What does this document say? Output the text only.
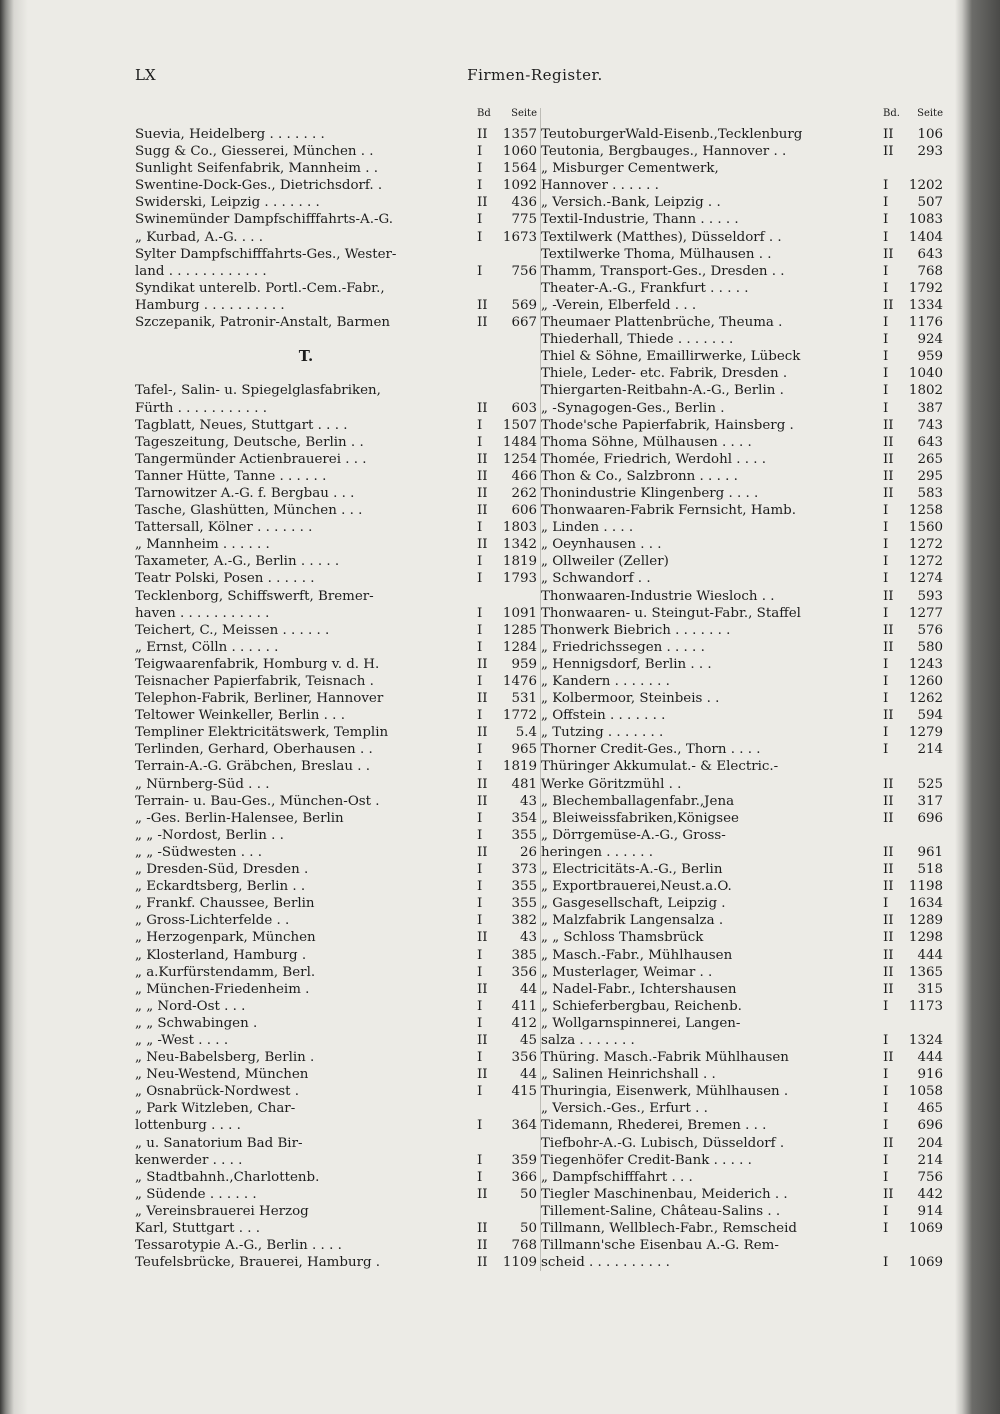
LX	Firmen-Register.
Bd	Seite
Suevia, Heidelberg . . . . . . .	II	1357
Sugg & Co., Giesserei, München . .	I	1060
Sunlight Seifenfabrik, Mannheim . .	I	1564
Swentine-Dock-Ges., Dietrichsdorf. .	I	1092
Swiderski, Leipzig . . . . . . .	II	436
Swinemünder Dampfschifffahrts-A.-G.	I	775
„ Kurbad, A.-G. . . .	I	1673
Sylter Dampfschifffahrts-Ges., Wester-
land . . . . . . . . . . . .	I	756
Syndikat unterelb. Portl.-Cem.-Fabr.,
Hamburg . . . . . . . . . .	II	569
Szczepanik, Patronir-Anstalt, Barmen	II	667
T.
Tafel-, Salin- u. Spiegelglasfabriken,
Fürth . . . . . . . . . . .	II	603
Tagblatt, Neues, Stuttgart . . . .	I	1507
Tageszeitung, Deutsche, Berlin . .	I	1484
Tangermünder Actienbrauerei . . .	II	1254
Tanner Hütte, Tanne . . . . . .	II	466
Tarnowitzer A.-G. f. Bergbau . . .	II	262
Tasche, Glashütten, München . . .	II	606
Tattersall, Kölner . . . . . . .	I	1803
„ Mannheim . . . . . .	II	1342
Taxameter, A.-G., Berlin . . . . .	I	1819
Teatr Polski, Posen . . . . . .	I	1793
Tecklenborg, Schiffswerft, Bremer-
haven . . . . . . . . . . .	I	1091
Teichert, C., Meissen . . . . . .	I	1285
„ Ernst, Cölln . . . . . .	I	1284
Teigwaarenfabrik, Homburg v. d. H.	II	959
Teisnacher Papierfabrik, Teisnach .	I	1476
Telephon-Fabrik, Berliner, Hannover	II	531
Teltower Weinkeller, Berlin . . .	I	1772
Templiner Elektricitätswerk, Templin	II	5.4
Terlinden, Gerhard, Oberhausen . .	I	965
Terrain-A.-G. Gräbchen, Breslau . .	I	1819
„ Nürnberg-Süd . . .	II	481
Terrain- u. Bau-Ges., München-Ost .	II	43
„ -Ges. Berlin-Halensee, Berlin	I	354
„ „ -Nordost, Berlin . .	I	355
„ „ -Südwesten . . .	II	26
„ Dresden-Süd, Dresden .	I	373
„ Eckardtsberg, Berlin . .	I	355
„ Frankf. Chaussee, Berlin	I	355
„ Gross-Lichterfelde . .	I	382
„ Herzogenpark, München	II	43
„ Klosterland, Hamburg .	I	385
„ a.Kurfürstendamm, Berl.	I	356
„ München-Friedenheim .	II	44
„ „ Nord-Ost . . .	I	411
„ „ Schwabingen .	I	412
„ „ -West . . . .	II	45
„ Neu-Babelsberg, Berlin .	I	356
„ Neu-Westend, München	II	44
„ Osnabrück-Nordwest .	I	415
„ Park Witzleben, Char-
lottenburg . . . .	I	364
„ u. Sanatorium Bad Bir-
kenwerder . . . .	I	359
„ Stadtbahnh.,Charlottenb.	I	366
„ Südende . . . . . .	II	50
„ Vereinsbrauerei Herzog
Karl, Stuttgart . . .	II	50
Tessarotypie A.-G., Berlin . . . .	II	768
Teufelsbrücke, Brauerei, Hamburg .	II	1109
Bd.	Seite
TeutoburgerWald-Eisenb.,Tecklenburg	II	106
Teutonia, Bergbauges., Hannover . .	II	293
„ Misburger Cementwerk,
Hannover . . . . . .	I	1202
„ Versich.-Bank, Leipzig . .	I	507
Textil-Industrie, Thann . . . . .	I	1083
Textilwerk (Matthes), Düsseldorf . .	I	1404
Textilwerke Thoma, Mülhausen . .	II	643
Thamm, Transport-Ges., Dresden . .	I	768
Theater-A.-G., Frankfurt . . . . .	I	1792
„ -Verein, Elberfeld . . .	II	1334
Theumaer Plattenbrüche, Theuma .	I	1176
Thiederhall, Thiede . . . . . . .	I	924
Thiel & Söhne, Emaillirwerke, Lübeck	I	959
Thiele, Leder- etc. Fabrik, Dresden .	I	1040
Thiergarten-Reitbahn-A.-G., Berlin .	I	1802
„ -Synagogen-Ges., Berlin .	I	387
Thode'sche Papierfabrik, Hainsberg .	II	743
Thoma Söhne, Mülhausen . . . .	II	643
Thomée, Friedrich, Werdohl . . . .	II	265
Thon & Co., Salzbronn . . . . .	II	295
Thonindustrie Klingenberg . . . .	II	583
Thonwaaren-Fabrik Fernsicht, Hamb.	I	1258
„ Linden . . . .	I	1560
„ Oeynhausen . . .	I	1272
„ Ollweiler (Zeller)	I	1272
„ Schwandorf . .	I	1274
Thonwaaren-Industrie Wiesloch . .	II	593
Thonwaaren- u. Steingut-Fabr., Staffel	I	1277
Thonwerk Biebrich . . . . . . .	II	576
„ Friedrichssegen . . . . .	II	580
„ Hennigsdorf, Berlin . . .	I	1243
„ Kandern . . . . . . .	I	1260
„ Kolbermoor, Steinbeis . .	I	1262
„ Offstein . . . . . . .	II	594
„ Tutzing . . . . . . .	I	1279
Thorner Credit-Ges., Thorn . . . .	I	214
Thüringer Akkumulat.- & Electric.-
Werke Göritzmühl . .	II	525
„ Blechemballagenfabr.,Jena	II	317
„ Bleiweissfabriken,Königsee	II	696
„ Dörrgemüse-A.-G., Gross-
heringen . . . . . .	II	961
„ Electricitäts-A.-G., Berlin	II	518
„ Exportbrauerei,Neust.a.O.	II	1198
„ Gasgesellschaft, Leipzig .	I	1634
„ Malzfabrik Langensalza .	II	1289
„ „ Schloss Thamsbrück	II	1298
„ Masch.-Fabr., Mühlhausen	II	444
„ Musterlager, Weimar . .	II	1365
„ Nadel-Fabr., Ichtershausen	II	315
„ Schieferbergbau, Reichenb.	I	1173
„ Wollgarnspinnerei, Langen-
salza . . . . . . .	I	1324
Thüring. Masch.-Fabrik Mühlhausen	II	444
„ Salinen Heinrichshall . .	I	916
Thuringia, Eisenwerk, Mühlhausen .	I	1058
„ Versich.-Ges., Erfurt . .	I	465
Tidemann, Rhederei, Bremen . . .	I	696
Tiefbohr-A.-G. Lubisch, Düsseldorf .	II	204
Tiegenhöfer Credit-Bank . . . . .	I	214
„ Dampfschifffahrt . . .	I	756
Tiegler Maschinenbau, Meiderich . .	II	442
Tillement-Saline, Château-Salins . .	I	914
Tillmann, Wellblech-Fabr., Remscheid	I	1069
Tillmann'sche Eisenbau A.-G. Rem-
scheid . . . . . . . . . .	I	1069
